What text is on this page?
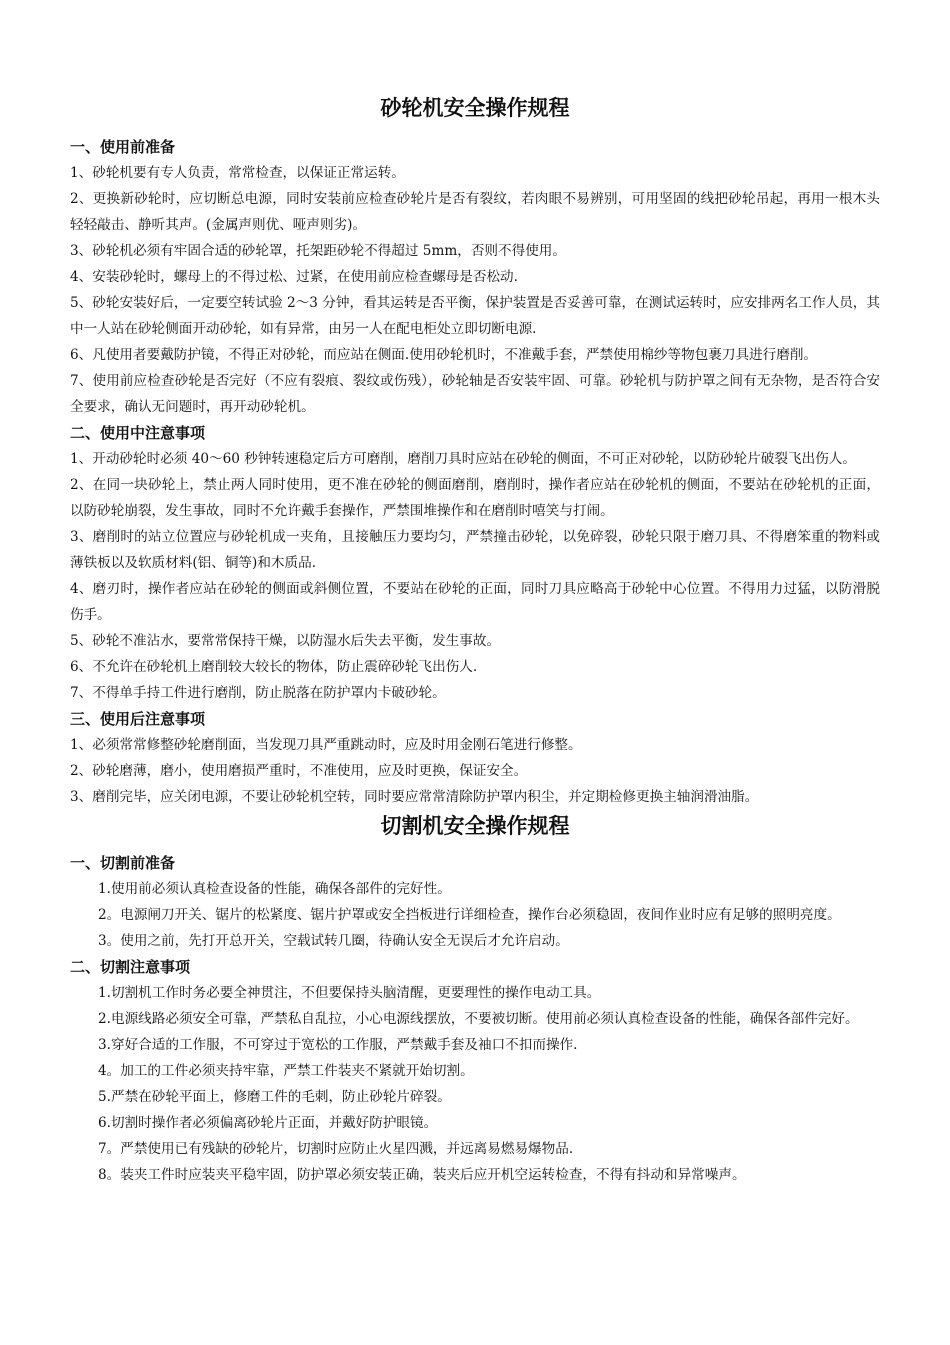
砂轮机安全操作规程

一、使用前准备

1、砂轮机要有专人负责，常常检查，以保证正常运转。

2、更换新砂轮时，应切断总电源，同时安装前应检查砂轮片是否有裂纹，若肉眼不易辨别，可用坚固的线把砂轮吊起，再用一根木头轻轻敲击、静听其声。(金属声则优、哑声则劣)。

3、砂轮机必须有牢固合适的砂轮罩，托架距砂轮不得超过 5mm，否则不得使用。

4、安装砂轮时，螺母上的不得过松、过紧，在使用前应检查螺母是否松动.

5、砂轮安装好后，一定要空转试验 2～3 分钟，看其运转是否平衡，保护装置是否妥善可靠，在测试运转时，应安排两名工作人员，其中一人站在砂轮侧面开动砂轮，如有异常，由另一人在配电柜处立即切断电源.

6、凡使用者要戴防护镜，不得正对砂轮，而应站在侧面.使用砂轮机时，不准戴手套，严禁使用棉纱等物包裹刀具进行磨削。

7、使用前应检查砂轮是否完好（不应有裂痕、裂纹或伤残），砂轮轴是否安装牢固、可靠。砂轮机与防护罩之间有无杂物，是否符合安全要求，确认无问题时，再开动砂轮机。

二、使用中注意事项

1、开动砂轮时必须 40～60 秒钟转速稳定后方可磨削，磨削刀具时应站在砂轮的侧面，不可正对砂轮，以防砂轮片破裂飞出伤人。

2、在同一块砂轮上，禁止两人同时使用，更不准在砂轮的侧面磨削，磨削时，操作者应站在砂轮机的侧面，不要站在砂轮机的正面，以防砂轮崩裂，发生事故，同时不允许戴手套操作，严禁围堆操作和在磨削时嘻笑与打闹。

3、磨削时的站立位置应与砂轮机成一夹角，且接触压力要均匀，严禁撞击砂轮，以免碎裂，砂轮只限于磨刀具、不得磨笨重的物料或薄铁板以及软质材料(铝、铜等)和木质品.

4、磨刃时，操作者应站在砂轮的侧面或斜侧位置，不要站在砂轮的正面，同时刀具应略高于砂轮中心位置。不得用力过猛，以防滑脱伤手。

5、砂轮不准沾水，要常常保持干燥，以防湿水后失去平衡，发生事故。

6、不允许在砂轮机上磨削较大较长的物体，防止震碎砂轮飞出伤人.

7、不得单手持工件进行磨削，防止脱落在防护罩内卡破砂轮。

三、使用后注意事项

1、必须常常修整砂轮磨削面，当发现刀具严重跳动时，应及时用金刚石笔进行修整。

2、砂轮磨薄，磨小，使用磨损严重时，不准使用，应及时更换，保证安全。

3、磨削完毕，应关闭电源，不要让砂轮机空转，同时要应常常清除防护罩内积尘，并定期检修更换主轴润滑油脂。

切割机安全操作规程

一、切割前准备

1.使用前必须认真检查设备的性能，确保各部件的完好性。

2。电源闸刀开关、锯片的松紧度、锯片护罩或安全挡板进行详细检查，操作台必须稳固，夜间作业时应有足够的照明亮度。

3。使用之前，先打开总开关，空载试转几圈，待确认安全无误后才允许启动。

二、切割注意事项

1.切割机工作时务必要全神贯注，不但要保持头脑清醒，更要理性的操作电动工具。

2.电源线路必须安全可靠，严禁私自乱拉，小心电源线摆放，不要被切断。使用前必须认真检查设备的性能，确保各部件完好。

3.穿好合适的工作服，不可穿过于宽松的工作服，严禁戴手套及袖口不扣而操作.

4。加工的工件必须夹持牢靠，严禁工件装夹不紧就开始切割。

5.严禁在砂轮平面上，修磨工件的毛刺，防止砂轮片碎裂。

6.切割时操作者必须偏离砂轮片正面，并戴好防护眼镜。

7。严禁使用已有残缺的砂轮片，切割时应防止火星四溅，并远离易燃易爆物品.

8。装夹工件时应装夹平稳牢固，防护罩必须安装正确，装夹后应开机空运转检查，不得有抖动和异常噪声。
